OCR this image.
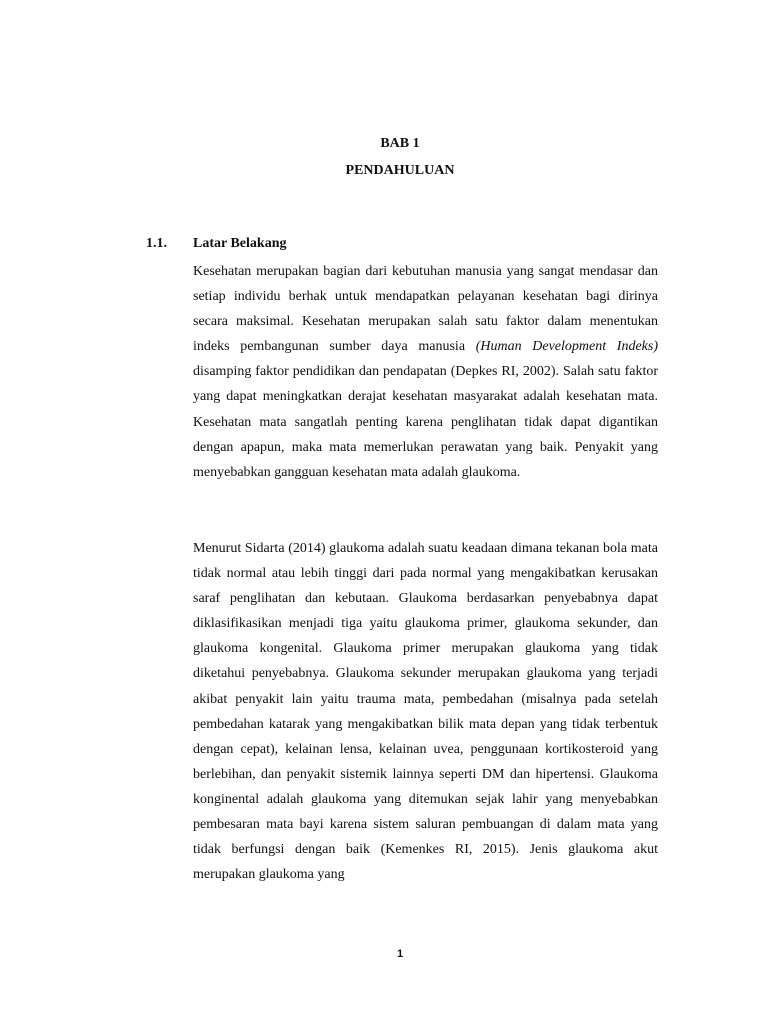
BAB 1
PENDAHULUAN
1.1. Latar Belakang

Kesehatan merupakan bagian dari kebutuhan manusia yang sangat mendasar dan setiap individu berhak untuk mendapatkan pelayanan kesehatan bagi dirinya secara maksimal. Kesehatan merupakan salah satu faktor dalam menentukan indeks pembangunan sumber daya manusia (Human Development Indeks) disamping faktor pendidikan dan pendapatan (Depkes RI, 2002). Salah satu faktor yang dapat meningkatkan derajat kesehatan masyarakat adalah kesehatan mata. Kesehatan mata sangatlah penting karena penglihatan tidak dapat digantikan dengan apapun, maka mata memerlukan perawatan yang baik. Penyakit yang menyebabkan gangguan kesehatan mata adalah glaukoma.

Menurut Sidarta (2014) glaukoma adalah suatu keadaan dimana tekanan bola mata tidak normal atau lebih tinggi dari pada normal yang mengakibatkan kerusakan saraf penglihatan dan kebutaan. Glaukoma berdasarkan penyebabnya dapat diklasifikasikan menjadi tiga yaitu glaukoma primer, glaukoma sekunder, dan glaukoma kongenital. Glaukoma primer merupakan glaukoma yang tidak diketahui penyebabnya. Glaukoma sekunder merupakan glaukoma yang terjadi akibat penyakit lain yaitu trauma mata, pembedahan (misalnya pada setelah pembedahan katarak yang mengakibatkan bilik mata depan yang tidak terbentuk dengan cepat), kelainan lensa, kelainan uvea, penggunaan kortikosteroid yang berlebihan, dan penyakit sistemik lainnya seperti DM dan hipertensi. Glaukoma konginental adalah glaukoma yang ditemukan sejak lahir yang menyebabkan pembesaran mata bayi karena sistem saluran pembuangan di dalam mata yang tidak berfungsi dengan baik (Kemenkes RI, 2015). Jenis glaukoma akut merupakan glaukoma yang

1
